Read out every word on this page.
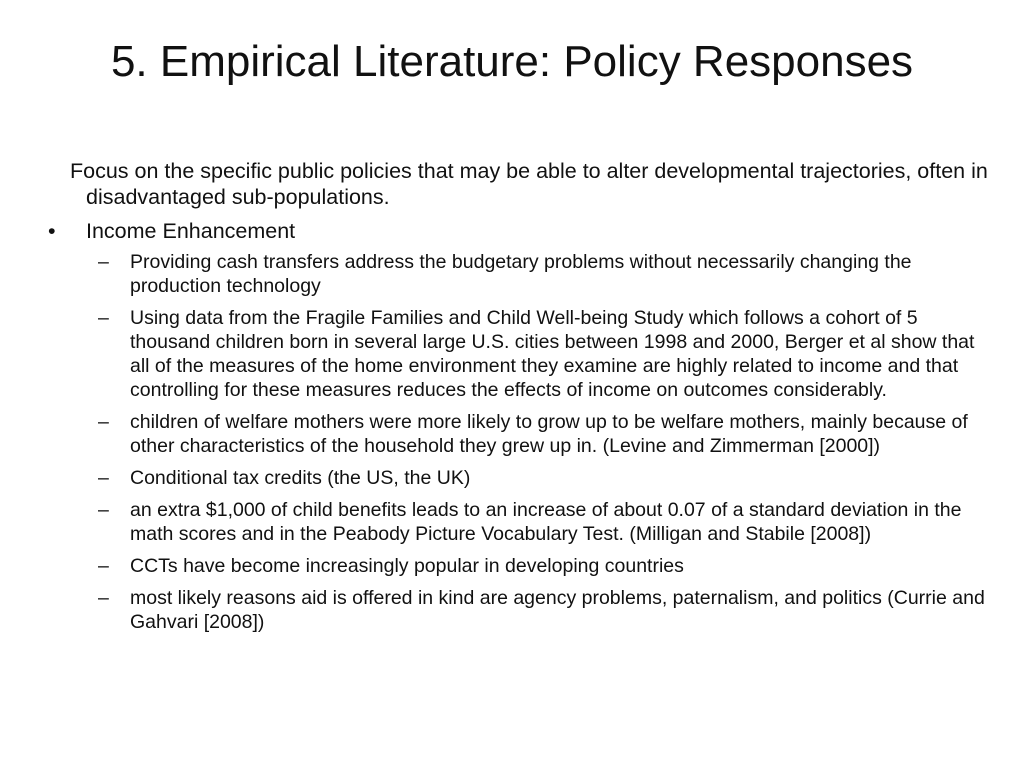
5. Empirical Literature: Policy Responses

Focus on the specific public policies that may be able to alter developmental trajectories, often in disadvantaged sub-populations.

• Income Enhancement
– Providing cash transfers address the budgetary problems without necessarily changing the production technology
– Using data from the Fragile Families and Child Well-being Study which follows a cohort of 5 thousand children born in several large U.S. cities between 1998 and 2000, Berger et al show that all of the measures of the home environment they examine are highly related to income and that controlling for these measures reduces the effects of income on outcomes considerably.
– children of welfare mothers were more likely to grow up to be welfare mothers, mainly because of other characteristics of the household they grew up in. (Levine and Zimmerman [2000])
– Conditional tax credits (the US, the UK)
– an extra $1,000 of child benefits leads to an increase of about 0.07 of a standard deviation in the math scores and in the Peabody Picture Vocabulary Test. (Milligan and Stabile [2008])
– CCTs have become increasingly popular in developing countries
– most likely reasons aid is offered in kind are agency problems, paternalism, and politics (Currie and Gahvari [2008])
